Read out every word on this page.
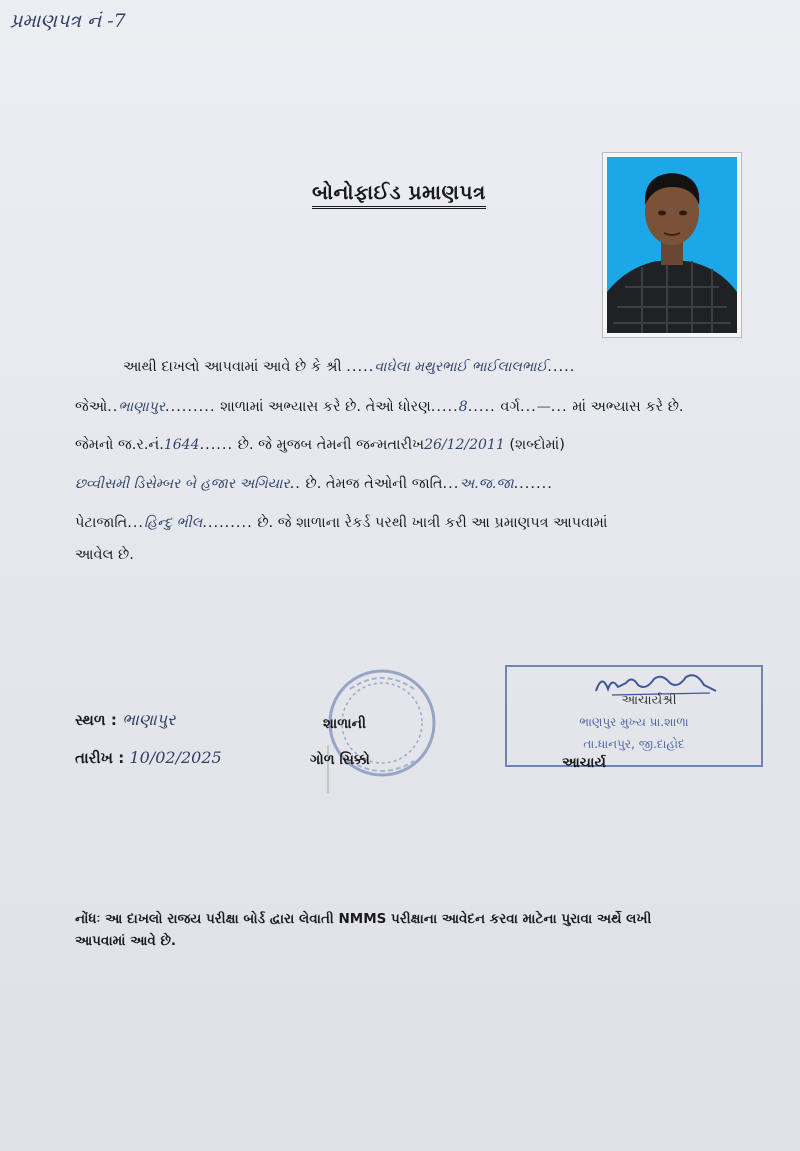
પ્રમાણપત્ર નં -7
બોનોફાઈડ પ્રમાણપત્ર
આથી દાખલો આપવામાં આવે છે કે શ્રી .....વાઘેલા મથુરભાઈ ભાઈલાલભાઈ.....
જેઓ..ભાણાપુર......... શાળામાં અભ્યાસ કરે છે. તેઓ ધોરણ.....8..... વર્ગ...—... માં અભ્યાસ કરે છે.
જેમનો જ.ર.નં.1644...... છે. જે મુજબ તેમની જન્મતારીખ26/12/2011 (શબ્દોમાં)
છવ્વીસમી ડિસેમ્બર બે હજાર અગિયાર.. છે. તેમજ તેઓની જાતિ...અ.જ.જા.......
પેટાજાતિ...હિન્દુ ભીલ......... છે. જે શાળાના રેકર્ડ પરથી ખાત્રી કરી આ પ્રમાણપત્ર આપવામાં
આવેલ છે.
સ્થળ : ભાણાપુર
તારીખ : 10/02/2025
શાળાની
ગોળ સિક્કો
આચાર્યશ્રી
ભાણપુર મુખ્ય પ્રા.શાળા
તા.ધાનપુર, જી.દાહોદ
આચાર્ય
નોંધઃ આ દાખલો રાજય પરીક્ષા બોર્ડ દ્વારા લેવાતી NMMS પરીક્ષાના આવેદન કરવા માટેના પુરાવા અર્થે લખી
આપવામાં આવે છે.
